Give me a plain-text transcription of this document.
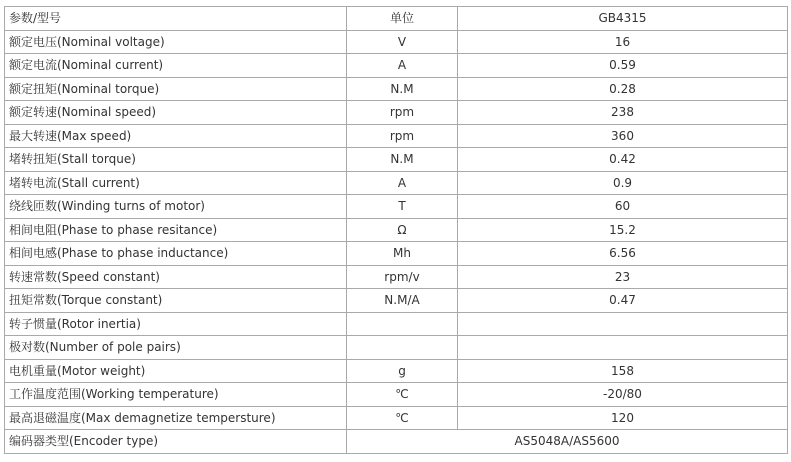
参数/型号	单位	GB4315
额定电压(Nominal voltage)	V	16
额定电流(Nominal current)	A	0.59
额定扭矩(Nominal torque)	N.M	0.28
额定转速(Nominal speed)	rpm	238
最大转速(Max speed)	rpm	360
堵转扭矩(Stall torque)	N.M	0.42
堵转电流(Stall current)	A	0.9
绕线匝数(Winding turns of motor)	T	60
相间电阻(Phase to phase resitance)	Ω	15.2
相间电感(Phase to phase inductance)	Mh	6.56
转速常数(Speed constant)	rpm/v	23
扭矩常数(Torque constant)	N.M/A	0.47
转子惯量(Rotor inertia)		
极对数(Number of pole pairs)		
电机重量(Motor weight)	g	158
工作温度范围(Working temperature)	℃	-20/80
最高退磁温度(Max demagnetize tempersture)	℃	120
编码器类型(Encoder type)	AS5048A/AS5600	
